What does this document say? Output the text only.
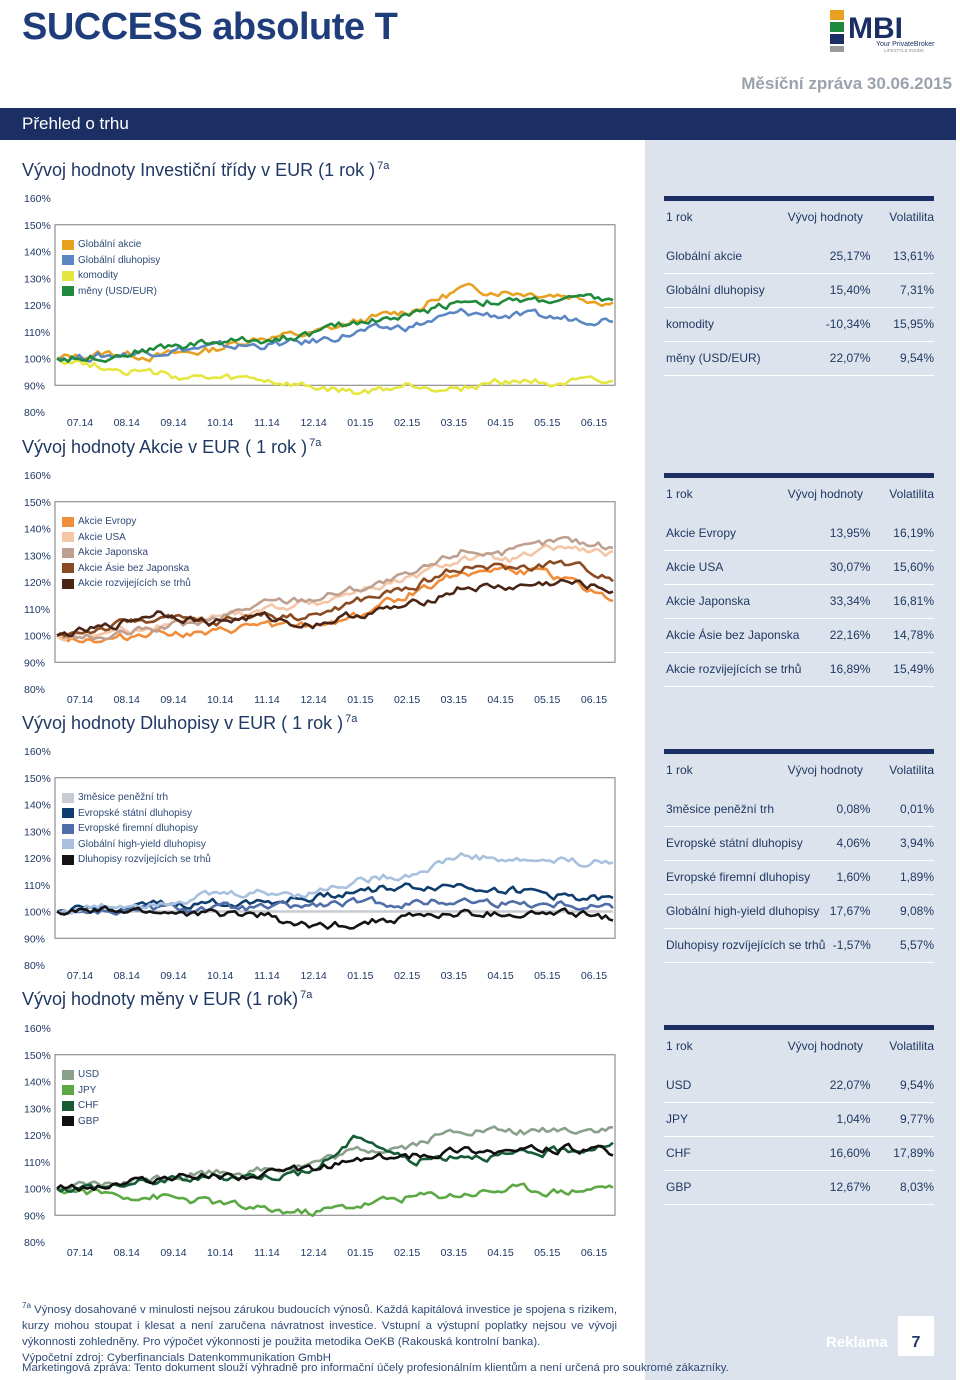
SUCCESS absolute T	MBI
Your PrivateBroker
LIFESTYLE INSIDE
Měsíční zpráva 30.06.2015
Přehled o trhu
Vývoj hodnoty Investiční třídy v EUR (1 rok ) $^{7a}$
160%
150%
140%
130%
120%
110%
100%
90%
80%
07.14 08.14 09.14 10.14 11.14 12.14 01.15 02.15 03.15 04.15 05.15 06.15
Globální akcie
Globální dluhopisy
komodity
měny (USD/EUR)
1 rok	Vývoj hodnoty	Volatilita
Globální akcie	25,17%	13,61%
Globální dluhopisy	15,40%	7,31%
komodity	-10,34%	15,95%
měny (USD/EUR)	22,07%	9,54%
Vývoj hodnoty Akcie v EUR ( 1 rok ) $^{7a}$
160%
150%
140%
130%
120%
110%
100%
90%
80%
07.14 08.14 09.14 10.14 11.14 12.14 01.15 02.15 03.15 04.15 05.15 06.15
Akcie Evropy
Akcie USA
Akcie Japonska
Akcie Ásie bez Japonska
Akcie rozvijejících se trhů
1 rok	Vývoj hodnoty	Volatilita
Akcie Evropy	13,95%	16,19%
Akcie USA	30,07%	15,60%
Akcie Japonska	33,34%	16,81%
Akcie Ásie bez Japonska	22,16%	14,78%
Akcie rozvijejících se trhů	16,89%	15,49%
Vývoj hodnoty Dluhopisy v EUR ( 1 rok ) $^{7a}$
160%
150%
140%
130%
120%
110%
100%
90%
80%
07.14 08.14 09.14 10.14 11.14 12.14 01.15 02.15 03.15 04.15 05.15 06.15
3měsice peněžní trh
Evropské státní dluhopisy
Evropské firemní dluhopisy
Globální high-yield dluhopisy
Dluhopisy rozvíjejících se trhů
1 rok	Vývoj hodnoty	Volatilita
3měsice peněžní trh	0,08%	0,01%
Evropské státní dluhopisy	4,06%	3,94%
Evropské firemní dluhopisy	1,60%	1,89%
Globální high-yield dluhopisy 17,67%	9,08%
Dluhopisy rozvíjejících se trhů -1,57%	5,57%
Vývoj hodnoty měny v EUR (1 rok) $^{7a}$
160%
150%
140%
130%
120%
110%
100%
90%
80%
07.14 08.14 09.14 10.14 11.14 12.14 01.15 02.15 03.15 04.15 05.15 06.15
USD
JPY
CHF
GBP
1 rok	Vývoj hodnoty	Volatilita
USD	22,07%	9,54%
JPY	1,04%	9,77%
CHF	16,60%	17,89%
GBP	12,67%	8,03%
$^{7a}$ Výnosy dosahované v minulosti nejsou zárukou budoucích výnosů. Každá kapitálová investice je spojena s rizikem, kurzy mohou stoupat i klesat a není zaručena návratnost investice. Vstupní a výstupní poplatky nejsou ve vývoji výkonnosti zohledněny. Pro výpočet výkonnosti je použita metodika OeKB (Rakouská kontrolní banka).
Výpočetní zdroj: Cyberfinancials Datenkommunikation GmbH
Marketingová zpráva: Tento dokument slouží výhradně pro informační účely profesionálním klientům a není určená pro soukromé zákazníky.
Reklama	7
